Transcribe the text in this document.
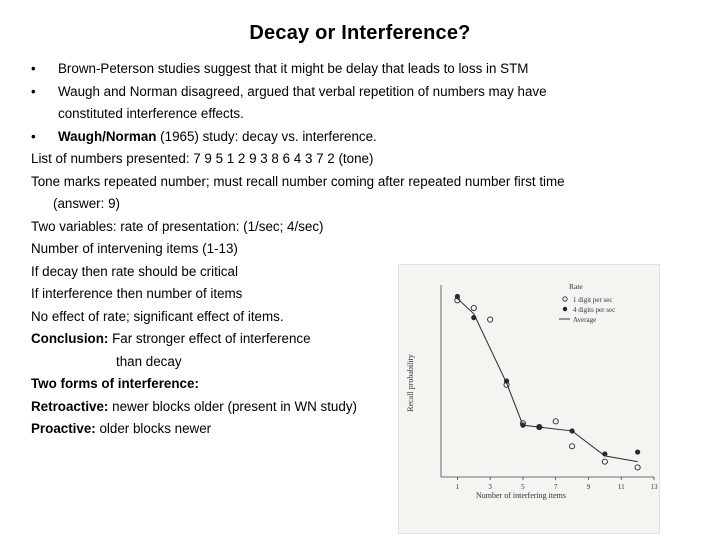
Decay or Interference?
• Brown-Peterson studies suggest that it might be delay that leads to loss in STM
• Waugh and Norman disagreed, argued that verbal repetition of numbers may have
constituted interference effects.
• Waugh/Norman (1965) study: decay vs. interference.
List of numbers presented: 7 9 5 1 2 9 3 8 6 4 3 7 2 (tone)
Tone marks repeated number; must recall number coming after repeated number first time
(answer: 9)
Two variables: rate of presentation: (1/sec; 4/sec)
Number of intervening items (1-13)
If decay then rate should be critical
If interference then number of items
No effect of rate; significant effect of items.
Conclusion: Far stronger effect of interference
than decay
Two forms of interference:
Retroactive: newer blocks older (present in WN study)
Proactive: older blocks newer
Recall probability
Number of interfering items
Rate
1 digit per sec
4 digits per sec
Average
1	3	5	7	9	11	13
